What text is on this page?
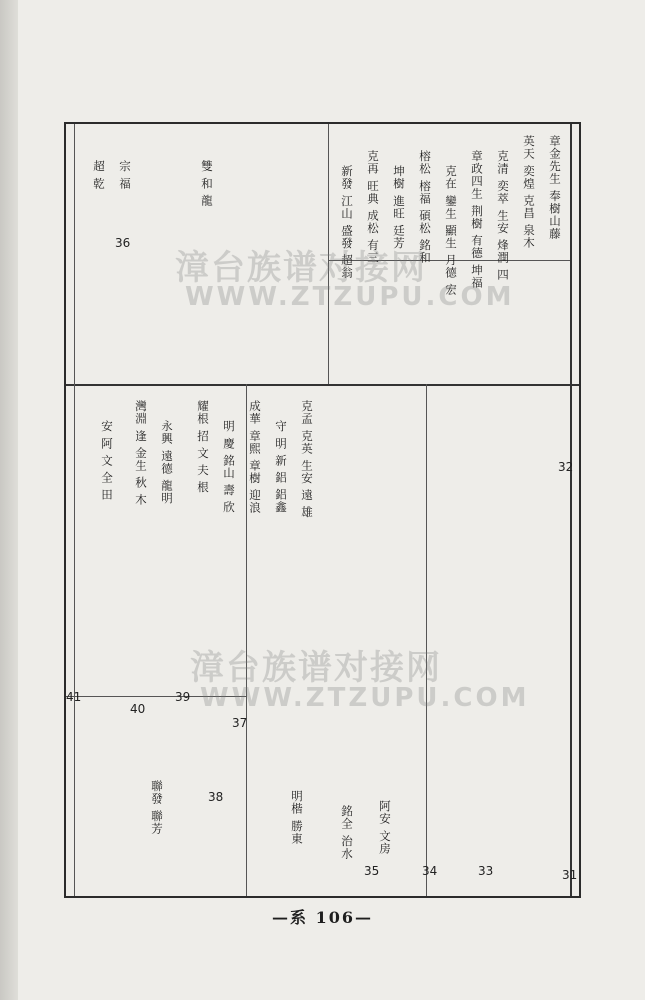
31
32
33
34
35
36
37
38
39
40
41
章金先生 奉樹山藤
英天 奕煌 克昌 泉木
克清 奕萃 生安 烽潤 四
章政四生 荆樹 有德 坤福
克在 鑾生 顯生 月德 宏
榕松 榕福 碩松 銘和
坤樹 進旺 廷芳
克再 旺典 成松 有三
新發 江山 盛發 超翁
克孟 克英 生安 遠 雄
守 明 新 鋁 鋁鑫
成華 章熙 章樹 迎浪
明 慶 銘山 壽 欣
耀根 招 文 夫 根
永興 遠德 龍明
灣淵 逢 金生 秋 木
安 阿 文 全 田
阿安 文房
銘全 治水
明楷 勝東
聯發 聯芳
超 乾 宗 福	雙 和 龍
漳台族谱对接网
WWW.ZTZUPU.COM
漳台族谱对接网
WWW.ZTZUPU.COM
—系 106—
